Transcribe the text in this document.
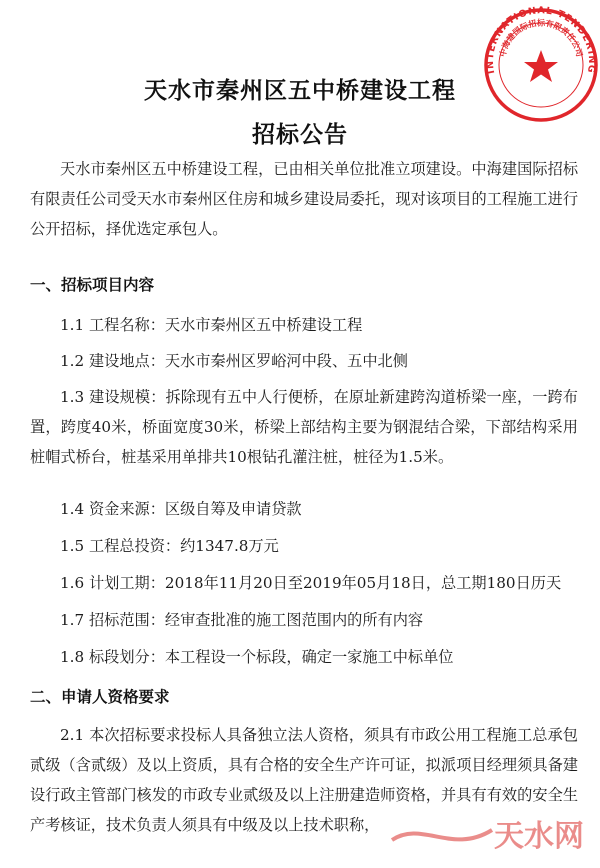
INTERNATIONAL TENDERING
中海建国际招标有限责任公司
天水市秦州区五中桥建设工程
招标公告
天水市秦州区五中桥建设工程，已由相关单位批准立项建设。中海建国际招标有限责任公司受天水市秦州区住房和城乡建设局委托，现对该项目的工程施工进行公开招标，择优选定承包人。
一、招标项目内容
1.1 工程名称：天水市秦州区五中桥建设工程
1.2 建设地点：天水市秦州区罗峪河中段、五中北侧
1.3 建设规模：拆除现有五中人行便桥，在原址新建跨沟道桥梁一座，一跨布置，跨度40米，桥面宽度30米，桥梁上部结构主要为钢混结合梁，下部结构采用桩帽式桥台，桩基采用单排共10根钻孔灌注桩，桩径为1.5米。
1.4 资金来源：区级自筹及申请贷款
1.5 工程总投资：约1347.8万元
1.6 计划工期：2018年11月20日至2019年05月18日，总工期180日历天
1.7 招标范围：经审查批准的施工图范围内的所有内容
1.8 标段划分：本工程设一个标段，确定一家施工中标单位
二、申请人资格要求
2.1 本次招标要求投标人具备独立法人资格，须具有市政公用工程施工总承包贰级（含贰级）及以上资质，具有合格的安全生产许可证，拟派项目经理须具备建设行政主管部门核发的市政专业贰级及以上注册建造师资格，并具有有效的安全生产考核证，技术负责人须具有中级及以上技术职称，	天水网
